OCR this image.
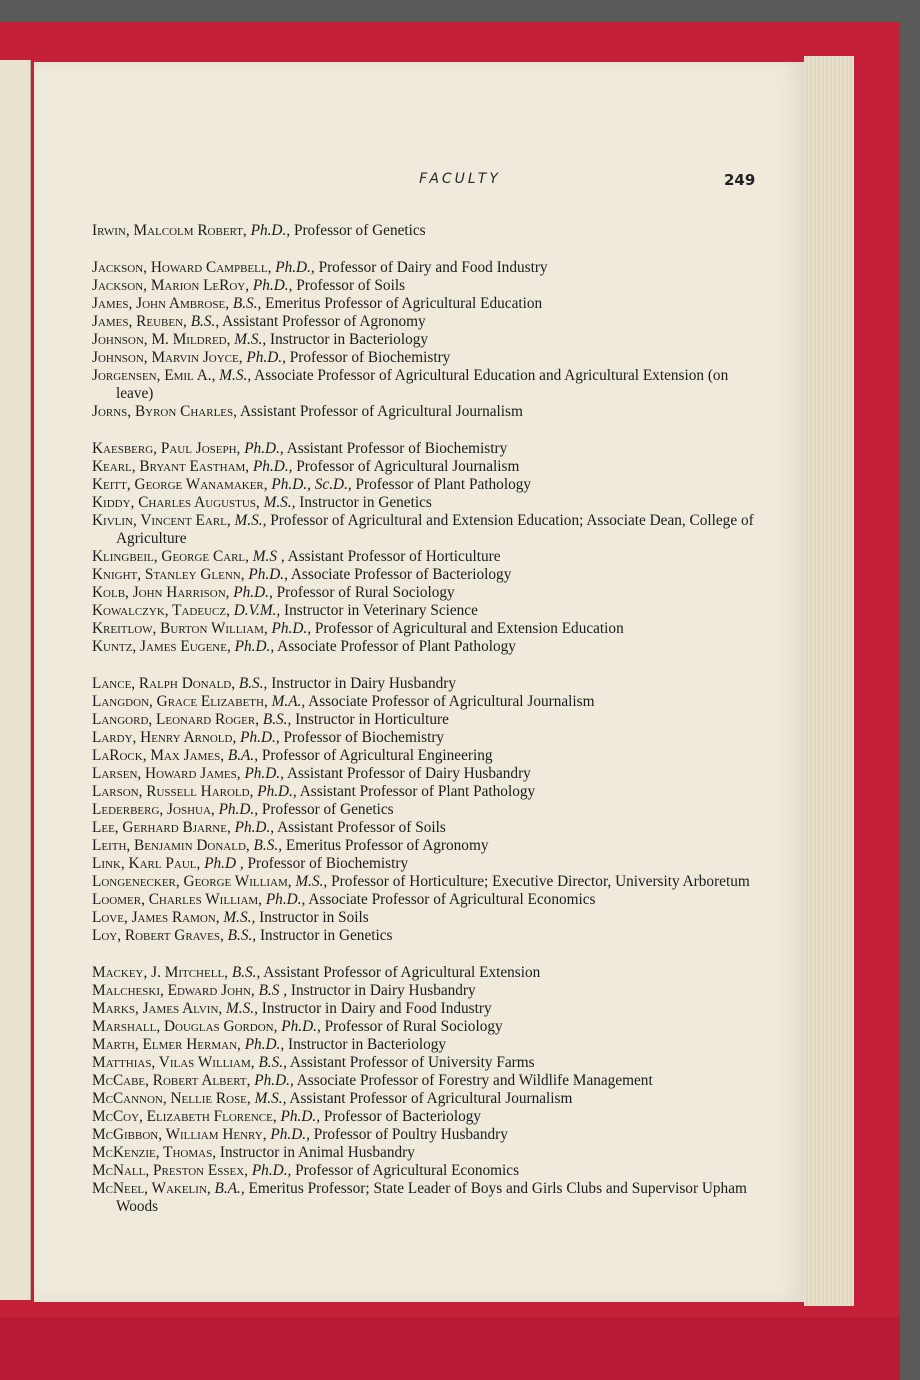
FACULTY	249
Irwin, Malcolm Robert, Ph.D., Professor of Genetics
Jackson, Howard Campbell, Ph.D., Professor of Dairy and Food Industry
Jackson, Marion LeRoy, Ph.D., Professor of Soils
James, John Ambrose, B.S., Emeritus Professor of Agricultural Education
James, Reuben, B.S., Assistant Professor of Agronomy
Johnson, M. Mildred, M.S., Instructor in Bacteriology
Johnson, Marvin Joyce, Ph.D., Professor of Biochemistry
Jorgensen, Emil A., M.S., Associate Professor of Agricultural Education and Agricultural Extension (on leave)
Jorns, Byron Charles, Assistant Professor of Agricultural Journalism
Kaesberg, Paul Joseph, Ph.D., Assistant Professor of Biochemistry
Kearl, Bryant Eastham, Ph.D., Professor of Agricultural Journalism
Keitt, George Wanamaker, Ph.D., Sc.D., Professor of Plant Pathology
Kiddy, Charles Augustus, M.S., Instructor in Genetics
Kivlin, Vincent Earl, M.S., Professor of Agricultural and Extension Education; Associate Dean, College of Agriculture
Klingbeil, George Carl, M.S , Assistant Professor of Horticulture
Knight, Stanley Glenn, Ph.D., Associate Professor of Bacteriology
Kolb, John Harrison, Ph.D., Professor of Rural Sociology
Kowalczyk, Tadeucz, D.V.M., Instructor in Veterinary Science
Kreitlow, Burton William, Ph.D., Professor of Agricultural and Extension Education
Kuntz, James Eugene, Ph.D., Associate Professor of Plant Pathology
Lance, Ralph Donald, B.S., Instructor in Dairy Husbandry
Langdon, Grace Elizabeth, M.A., Associate Professor of Agricultural Journalism
Langord, Leonard Roger, B.S., Instructor in Horticulture
Lardy, Henry Arnold, Ph.D., Professor of Biochemistry
LaRock, Max James, B.A., Professor of Agricultural Engineering
Larsen, Howard James, Ph.D., Assistant Professor of Dairy Husbandry
Larson, Russell Harold, Ph.D., Assistant Professor of Plant Pathology
Lederberg, Joshua, Ph.D., Professor of Genetics
Lee, Gerhard Bjarne, Ph.D., Assistant Professor of Soils
Leith, Benjamin Donald, B.S., Emeritus Professor of Agronomy
Link, Karl Paul, Ph.D , Professor of Biochemistry
Longenecker, George William, M.S., Professor of Horticulture; Executive Director, University Arboretum
Loomer, Charles William, Ph.D., Associate Professor of Agricultural Economics
Love, James Ramon, M.S., Instructor in Soils
Loy, Robert Graves, B.S., Instructor in Genetics
Mackey, J. Mitchell, B.S., Assistant Professor of Agricultural Extension
Malcheski, Edward John, B.S , Instructor in Dairy Husbandry
Marks, James Alvin, M.S., Instructor in Dairy and Food Industry
Marshall, Douglas Gordon, Ph.D., Professor of Rural Sociology
Marth, Elmer Herman, Ph.D., Instructor in Bacteriology
Matthias, Vilas William, B.S., Assistant Professor of University Farms
McCabe, Robert Albert, Ph.D., Associate Professor of Forestry and Wildlife Management
McCannon, Nellie Rose, M.S., Assistant Professor of Agricultural Journalism
McCoy, Elizabeth Florence, Ph.D., Professor of Bacteriology
McGibbon, William Henry, Ph.D., Professor of Poultry Husbandry
McKenzie, Thomas, Instructor in Animal Husbandry
McNall, Preston Essex, Ph.D., Professor of Agricultural Economics
McNeel, Wakelin, B.A., Emeritus Professor; State Leader of Boys and Girls Clubs and Supervisor Upham Woods
